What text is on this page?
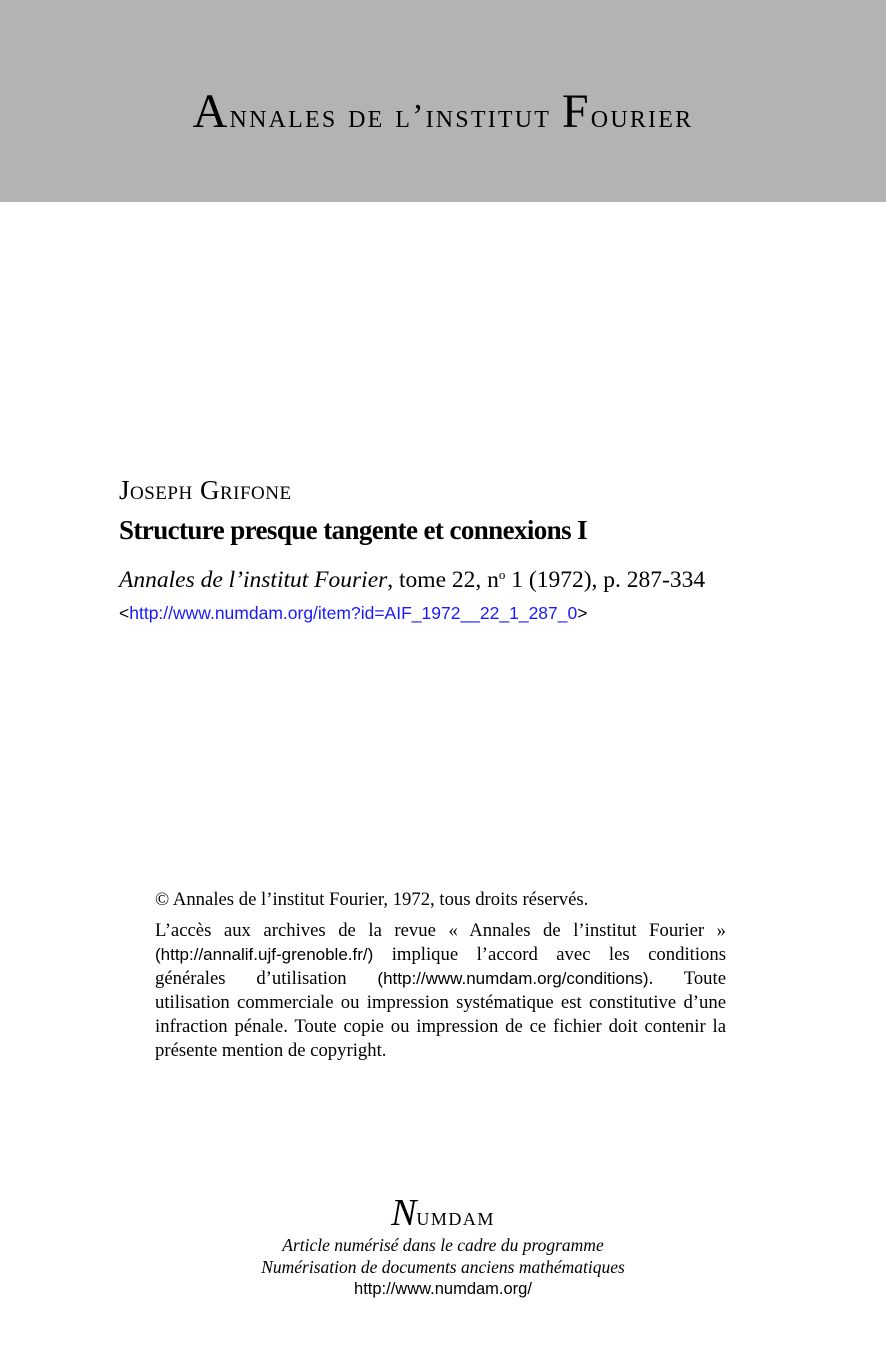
Annales de l’institut Fourier
Joseph Grifone
Structure presque tangente et connexions I
Annales de l’institut Fourier, tome 22, $n^o$ 1 (1972), p. 287-334
<http://www.numdam.org/item?id=AIF_1972__22_1_287_0>
© Annales de l’institut Fourier, 1972, tous droits réservés.
L’accès aux archives de la revue « Annales de l’institut Fourier » (http://annalif.ujf-grenoble.fr/) implique l’accord avec les conditions générales d’utilisation (http://www.numdam.org/conditions). Toute utilisation commerciale ou impression systématique est constitutive d’une infraction pénale. Toute copie ou impression de ce fichier doit contenir la présente mention de copyright.
Numdam
Article numérisé dans le cadre du programme
Numérisation de documents anciens mathématiques
http://www.numdam.org/
